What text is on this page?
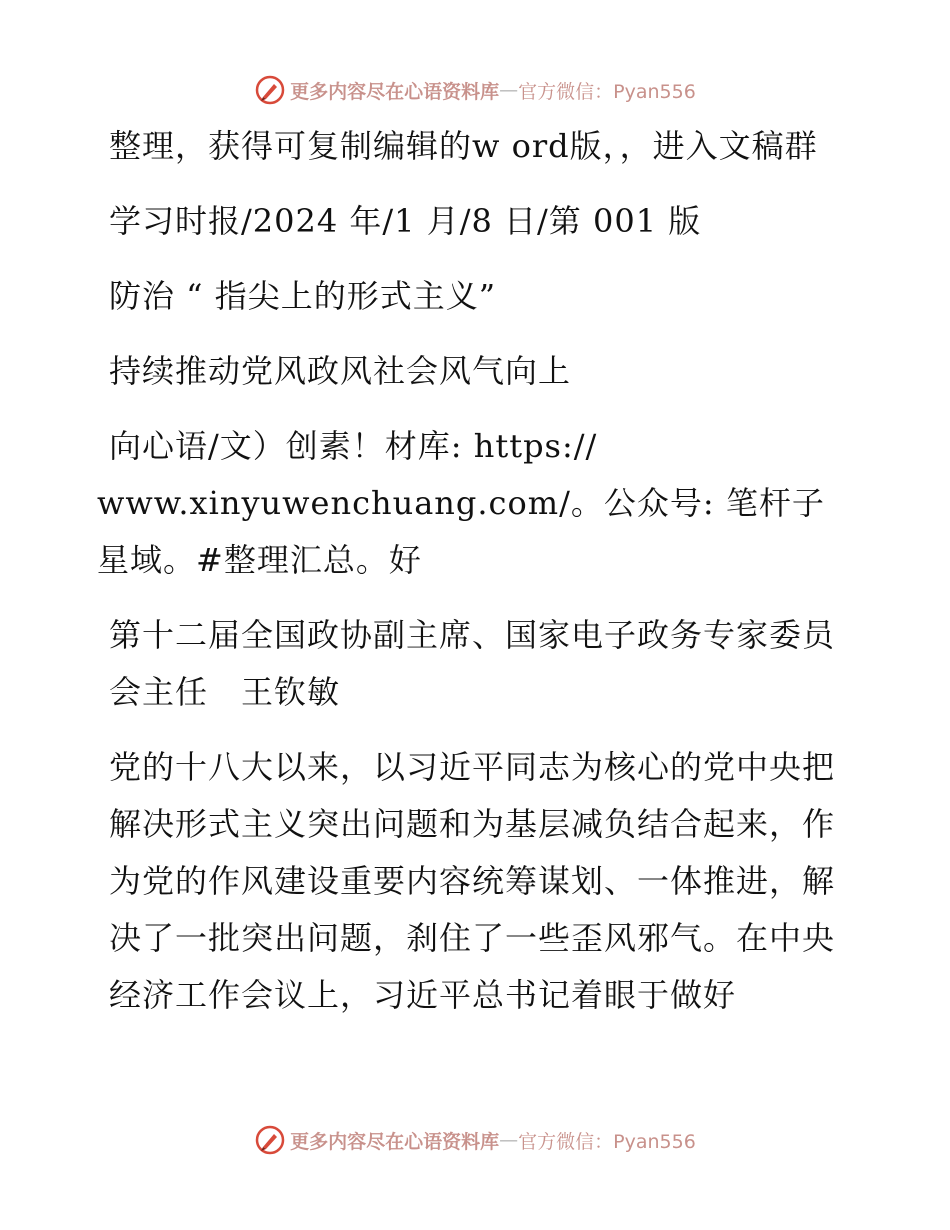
更多内容尽在心语资料库 — 官方微信：Pyan556

整理，获得可复制编辑的w ord版，，进入文稿群

学习时报/2024 年/1 月/8 日/第 001 版

防治 “ 指尖上的形式主义”

持续推动党风政风社会风气向上

向心语/文）创素！材库: https://

www.xinyuwenchuang.com/。公众号: 笔杆子星域。#整理汇总。好

第十二届全国政协副主席、国家电子政务专家委员会主任　王钦敏

党的十八大以来，以习近平同志为核心的党中央把解决形式主义突出问题和为基层减负结合起来，作为党的作风建设重要内容统筹谋划、一体推进，解决了一批突出问题，刹住了一些歪风邪气。在中央经济工作会议上，习近平总书记着眼于做好

更多内容尽在心语资料库 — 官方微信：Pyan556
